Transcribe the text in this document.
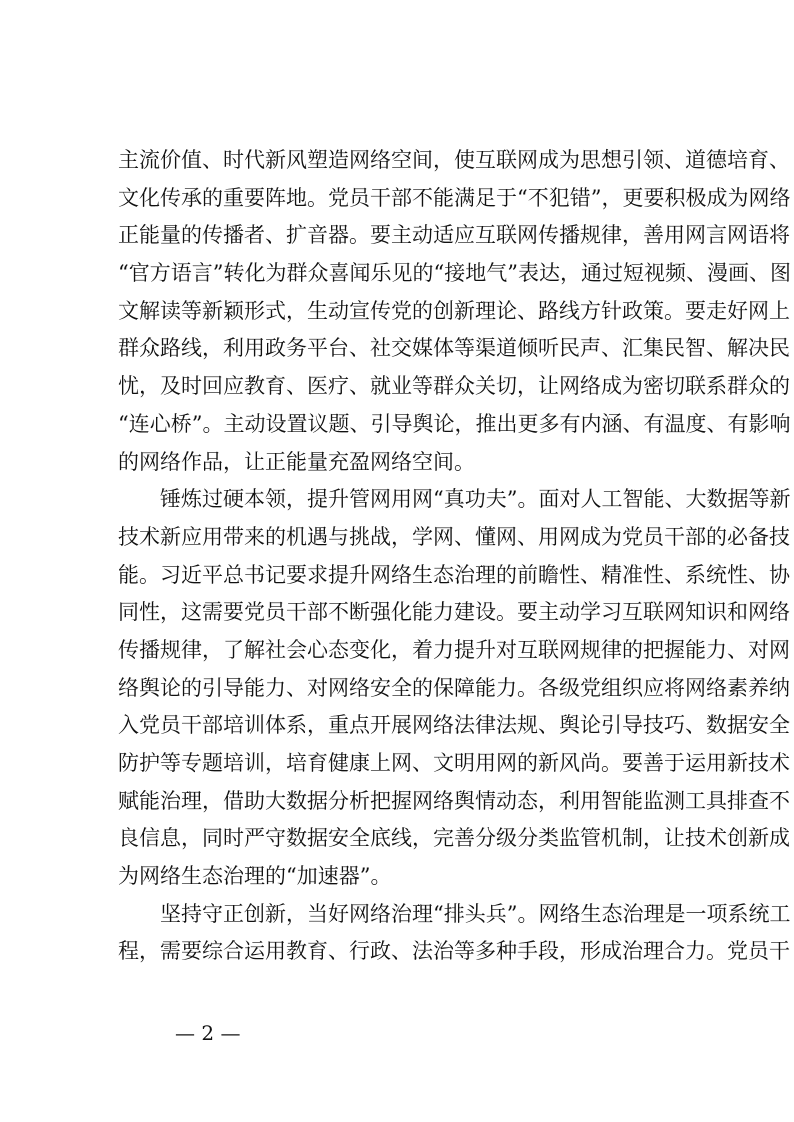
主流价值、时代新风塑造网络空间，使互联网成为思想引领、道德培育、
文化传承的重要阵地。党员干部不能满足于“不犯错”，更要积极成为网络
正能量的传播者、扩音器。要主动适应互联网传播规律，善用网言网语将
“官方语言”转化为群众喜闻乐见的“接地气”表达，通过短视频、漫画、图
文解读等新颖形式，生动宣传党的创新理论、路线方针政策。要走好网上
群众路线，利用政务平台、社交媒体等渠道倾听民声、汇集民智、解决民
忧，及时回应教育、医疗、就业等群众关切，让网络成为密切联系群众的
“连心桥”。主动设置议题、引导舆论，推出更多有内涵、有温度、有影响
的网络作品，让正能量充盈网络空间。
锤炼过硬本领，提升管网用网“真功夫”。面对人工智能、大数据等新
技术新应用带来的机遇与挑战，学网、懂网、用网成为党员干部的必备技
能。习近平总书记要求提升网络生态治理的前瞻性、精准性、系统性、协
同性，这需要党员干部不断强化能力建设。要主动学习互联网知识和网络
传播规律，了解社会心态变化，着力提升对互联网规律的把握能力、对网
络舆论的引导能力、对网络安全的保障能力。各级党组织应将网络素养纳
入党员干部培训体系，重点开展网络法律法规、舆论引导技巧、数据安全
防护等专题培训，培育健康上网、文明用网的新风尚。要善于运用新技术
赋能治理，借助大数据分析把握网络舆情动态，利用智能监测工具排查不
良信息，同时严守数据安全底线，完善分级分类监管机制，让技术创新成
为网络生态治理的“加速器”。
坚持守正创新，当好网络治理“排头兵”。网络生态治理是一项系统工
程，需要综合运用教育、行政、法治等多种手段，形成治理合力。党员干
— 2 —
